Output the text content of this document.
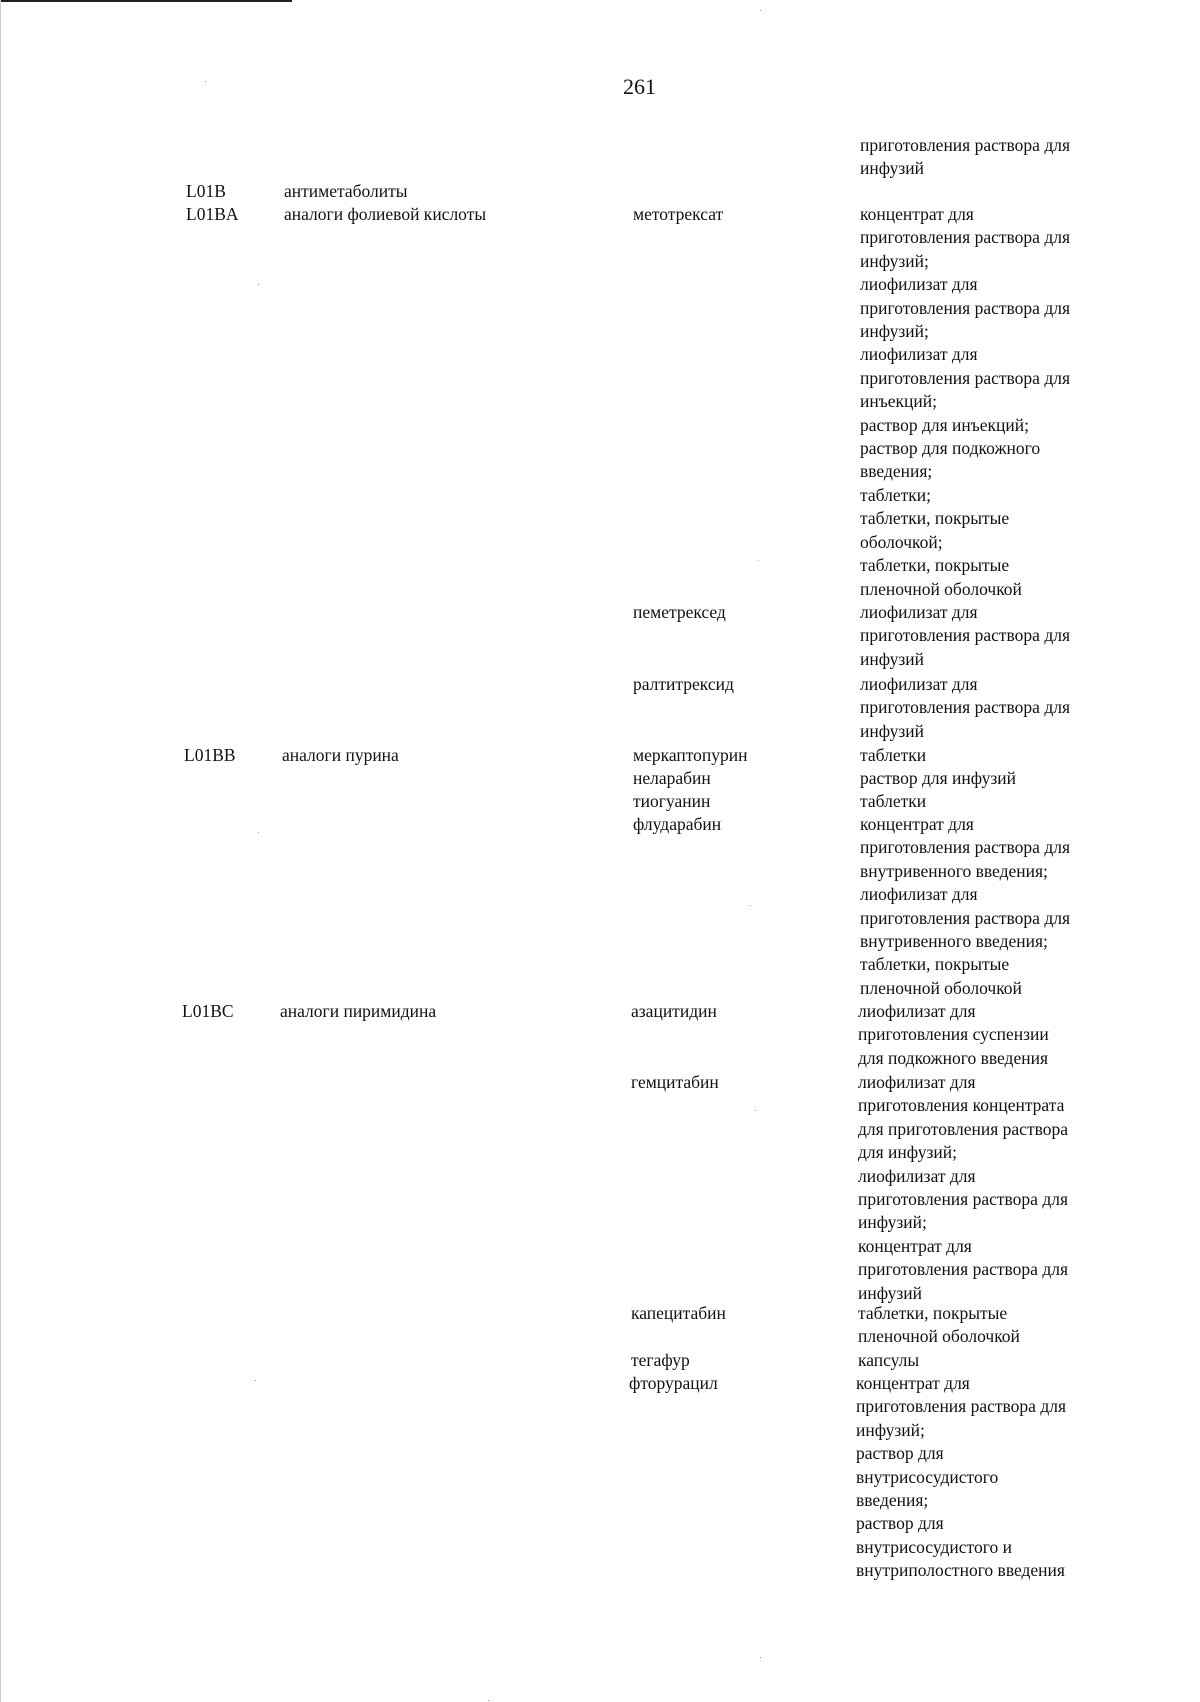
261
приготовления раствора для
инфузий
L01B	антиметаболиты
L01BA	аналоги фолиевой кислоты	метотрексат	концентрат для
приготовления раствора для
инфузий;
лиофилизат для
приготовления раствора для
инфузий;
лиофилизат для
приготовления раствора для
инъекций;
раствор для инъекций;
раствор для подкожного
введения;
таблетки;
таблетки, покрытые
оболочкой;
таблетки, покрытые
пленочной оболочкой
пеметрексед	лиофилизат для
приготовления раствора для
инфузий
ралтитрексид	лиофилизат для
приготовления раствора для
инфузий
L01BB	аналоги пурина	меркаптопурин	таблетки
неларабин	раствор для инфузий
тиогуанин	таблетки
флударабин	концентрат для
приготовления раствора для
внутривенного введения;
лиофилизат для
приготовления раствора для
внутривенного введения;
таблетки, покрытые
пленочной оболочкой
L01BC	аналоги пиримидина	азацитидин	лиофилизат для
приготовления суспензии
для подкожного введения
гемцитабин	лиофилизат для
приготовления концентрата
для приготовления раствора
для инфузий;
лиофилизат для
приготовления раствора для
инфузий;
концентрат для
приготовления раствора для
инфузий
капецитабин	таблетки, покрытые
пленочной оболочкой
тегафур	капсулы
фторурацил	концентрат для
приготовления раствора для
инфузий;
раствор для
внутрисосудистого
введения;
раствор для
внутрисосудистого и
внутриполостного введения
